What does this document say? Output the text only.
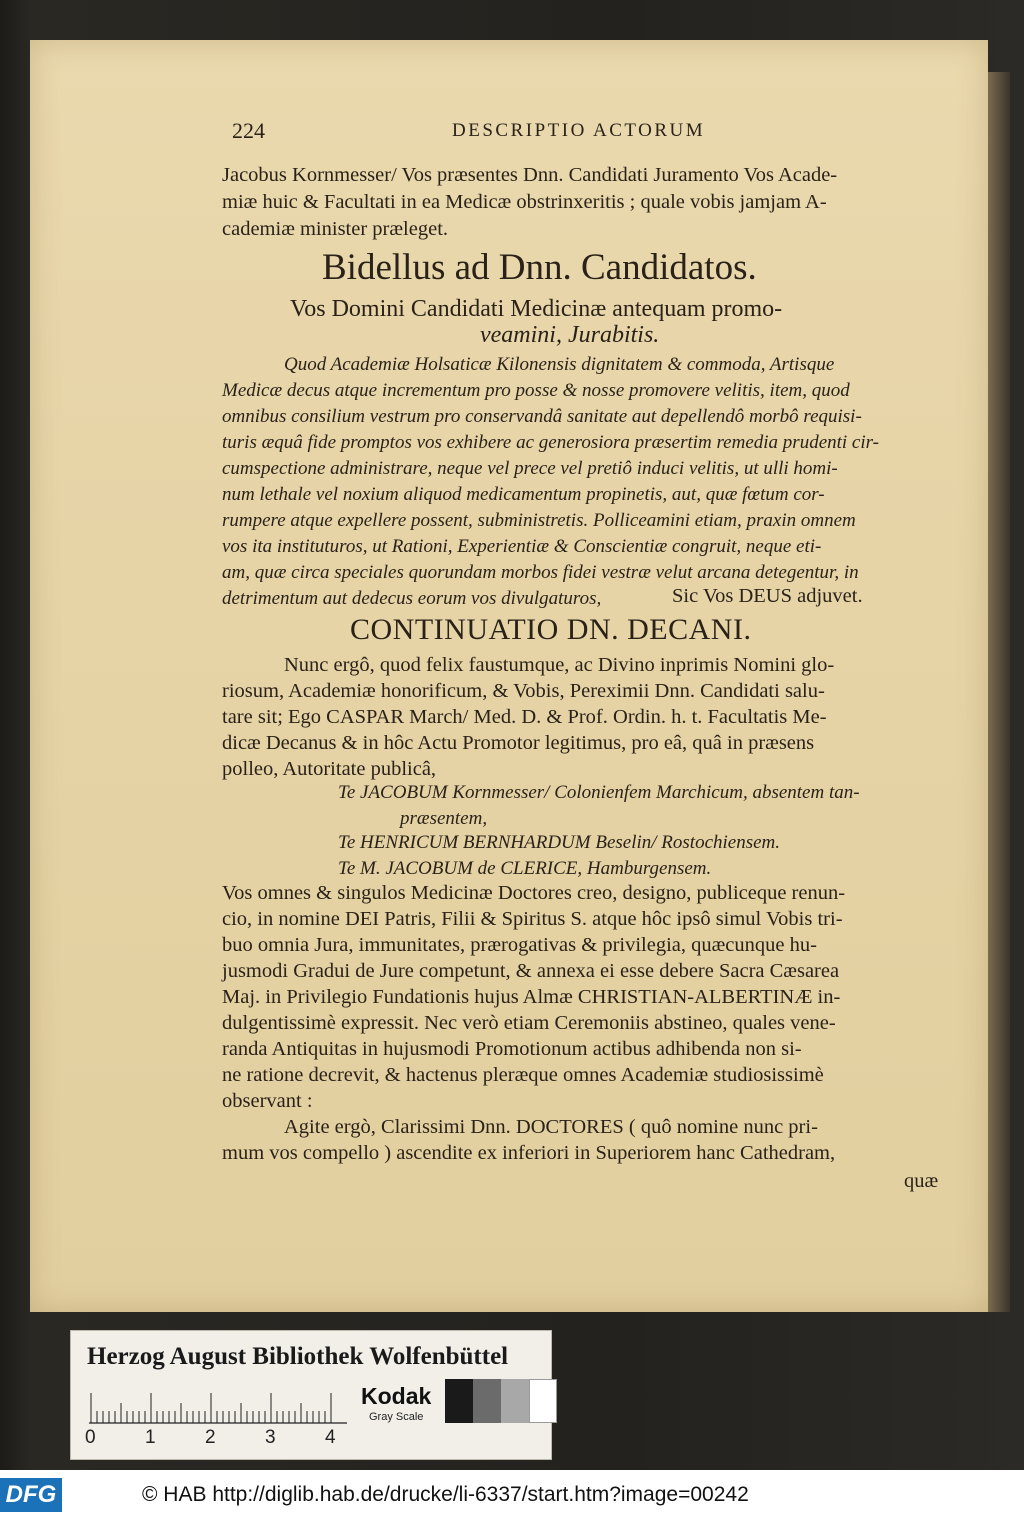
224	DESCRIPTIO ACTORUM
Jacobus Kornmesser/ Vos præsentes Dnn. Candidati Juramento Vos Acade-
miæ huic & Facultati in ea Medicæ obstrinxeritis ; quale vobis jamjam A-
cademiæ minister præleget.
Bidellus ad Dnn. Candidatos.
Vos Domini Candidati Medicinæ antequam promo-
veamini, Jurabitis.
Quod Academiæ Holsaticæ Kilonensis dignitatem & commoda, Artisque
Medicæ decus atque incrementum pro posse & nosse promovere velitis, item, quod
omnibus consilium vestrum pro conservandâ sanitate aut depellendô morbô requisi-
turis æquâ fide promptos vos exhibere ac generosiora præsertim remedia prudenti cir-
cumspectione administrare, neque vel prece vel pretiô induci velitis, ut ulli homi-
num lethale vel noxium aliquod medicamentum propinetis, aut, quæ fœtum cor-
rumpere atque expellere possent, subministretis. Polliceamini etiam, praxin omnem
vos ita instituturos, ut Rationi, Experientiæ & Conscientiæ congruit, neque eti-
am, quæ circa speciales quorundam morbos fidei vestræ velut arcana detegentur, in
detrimentum aut dedecus eorum vos divulgaturos,	Sic Vos DEUS adjuvet.
CONTINUATIO DN. DECANI.
Nunc ergô, quod felix faustumque, ac Divino inprimis Nomini glo-
riosum, Academiæ honorificum, & Vobis, Pereximii Dnn. Candidati salu-
tare sit; Ego CASPAR March/ Med. D. & Prof. Ordin. h. t. Facultatis Me-
dicæ Decanus & in hôc Actu Promotor legitimus, pro eâ, quâ in præsens
polleo, Autoritate publicâ,
Te JACOBUM Kornmesser/ Colonienfem Marchicum, absentem tan-
præsentem,
Te HENRICUM BERNHARDUM Beselin/ Rostochiensem.
Te M. JACOBUM de CLERICE, Hamburgensem.
Vos omnes & singulos Medicinæ Doctores creo, designo, publiceque renun-
cio, in nomine DEI Patris, Filii & Spiritus S. atque hôc ipsô simul Vobis tri-
buo omnia Jura, immunitates, prærogativas & privilegia, quæcunque hu-
jusmodi Gradui de Jure competunt, & annexa ei esse debere Sacra Cæsarea
Maj. in Privilegio Fundationis hujus Almæ CHRISTIAN-ALBERTINÆ in-
dulgentissimè expressit. Nec verò etiam Ceremoniis abstineo, quales vene-
randa Antiquitas in hujusmodi Promotionum actibus adhibenda non si-
ne ratione decrevit, & hactenus pleræque omnes Academiæ studiosissimè
observant :
Agite ergò, Clarissimi Dnn. DOCTORES ( quô nomine nunc pri-
mum vos compello ) ascendite ex inferiori in Superiorem hanc Cathedram,
quæ
Herzog August Bibliothek Wolfenbüttel
0	1	2	3	4
Kodak
Gray Scale
DFG	© HAB http://diglib.hab.de/drucke/li-6337/start.htm?image=00242
